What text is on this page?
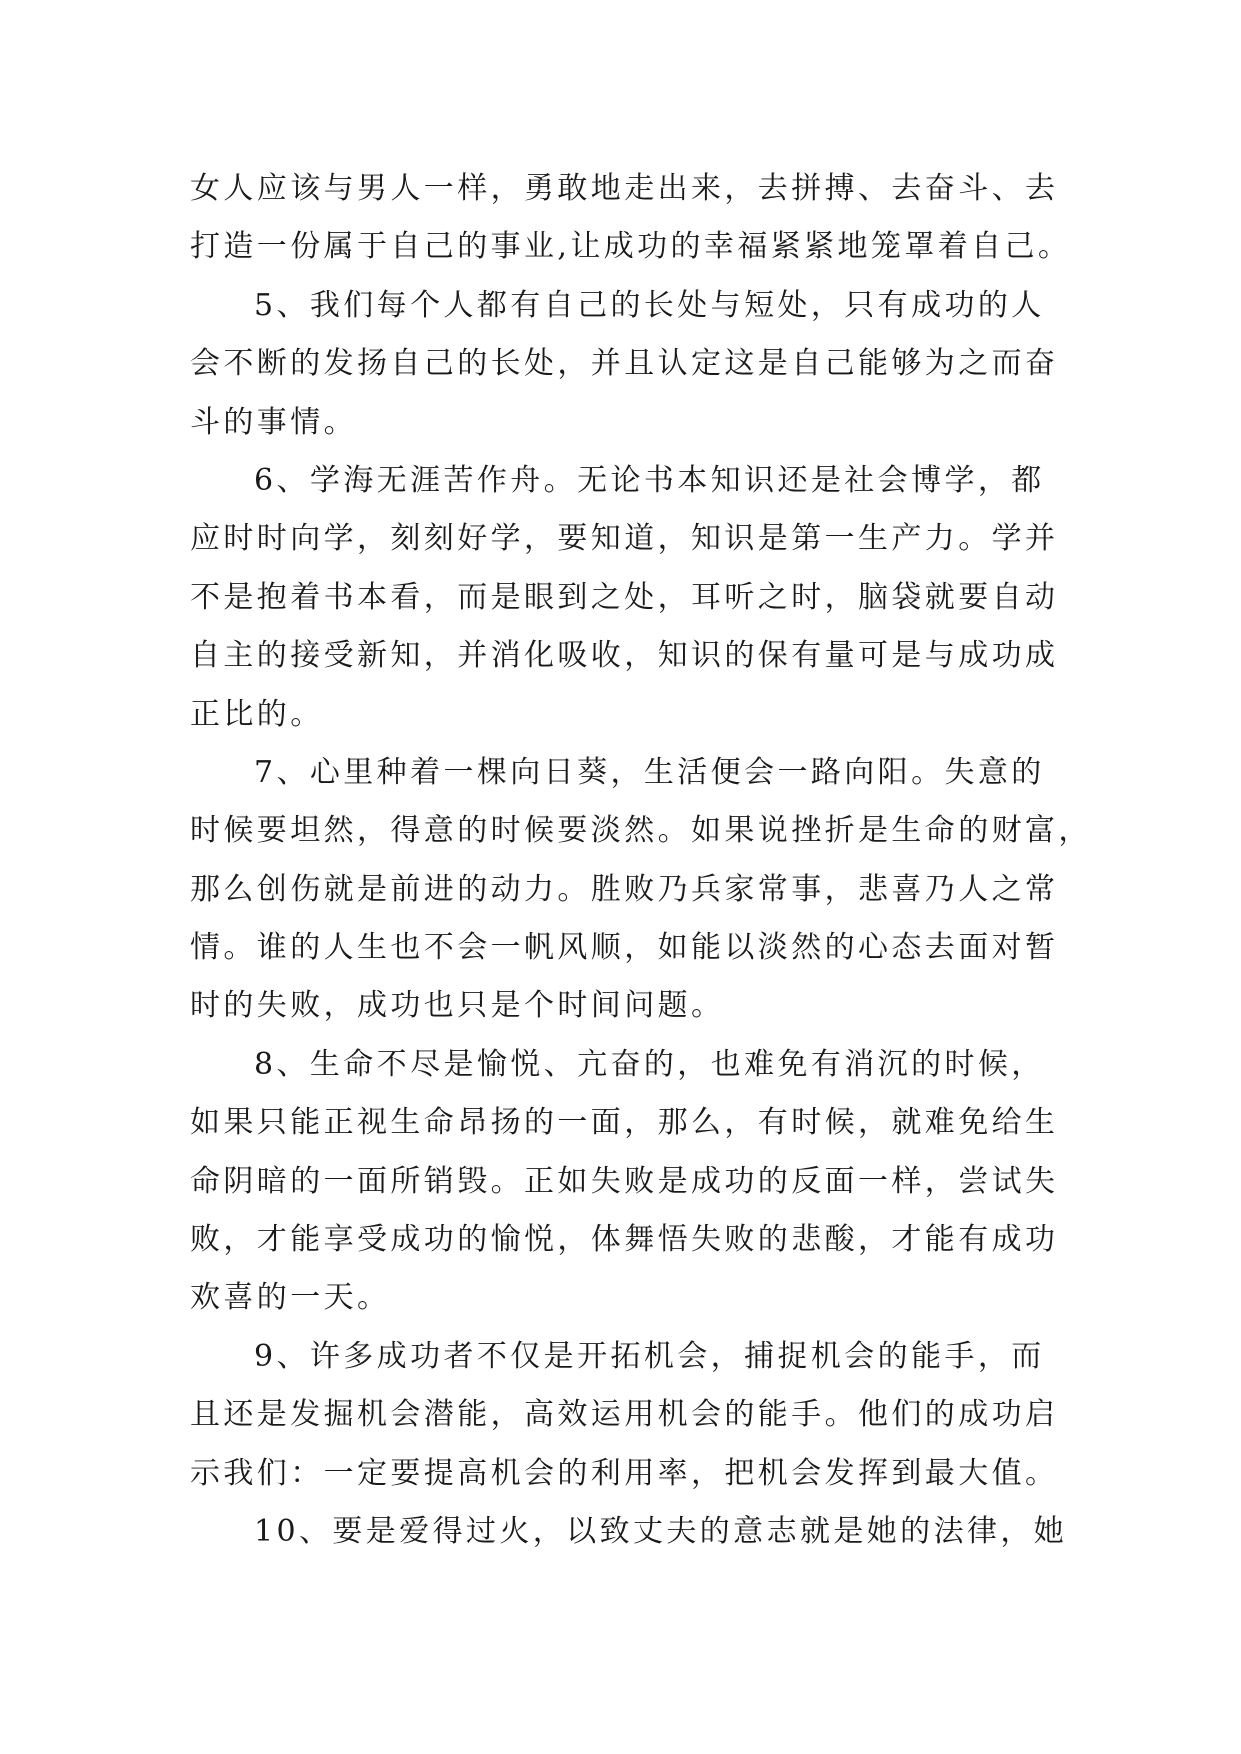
女人应该与男人一样，勇敢地走出来，去拼搏、去奋斗、去
打造一份属于自己的事业,让成功的幸福紧紧地笼罩着自己。
5、我们每个人都有自己的长处与短处，只有成功的人
会不断的发扬自己的长处，并且认定这是自己能够为之而奋
斗的事情。
6、学海无涯苦作舟。无论书本知识还是社会博学，都
应时时向学，刻刻好学，要知道，知识是第一生产力。学并
不是抱着书本看，而是眼到之处，耳听之时，脑袋就要自动
自主的接受新知，并消化吸收，知识的保有量可是与成功成
正比的。
7、心里种着一棵向日葵，生活便会一路向阳。失意的
时候要坦然，得意的时候要淡然。如果说挫折是生命的财富，
那么创伤就是前进的动力。胜败乃兵家常事，悲喜乃人之常
情。谁的人生也不会一帆风顺，如能以淡然的心态去面对暂
时的失败，成功也只是个时间问题。
8、生命不尽是愉悦、亢奋的，也难免有消沉的时候，
如果只能正视生命昂扬的一面，那么，有时候，就难免给生
命阴暗的一面所销毁。正如失败是成功的反面一样，尝试失
败，才能享受成功的愉悦，体舞悟失败的悲酸，才能有成功
欢喜的一天。
9、许多成功者不仅是开拓机会，捕捉机会的能手，而
且还是发掘机会潜能，高效运用机会的能手。他们的成功启
示我们：一定要提高机会的利用率，把机会发挥到最大值。
10、要是爱得过火，以致丈夫的意志就是她的法律，她
